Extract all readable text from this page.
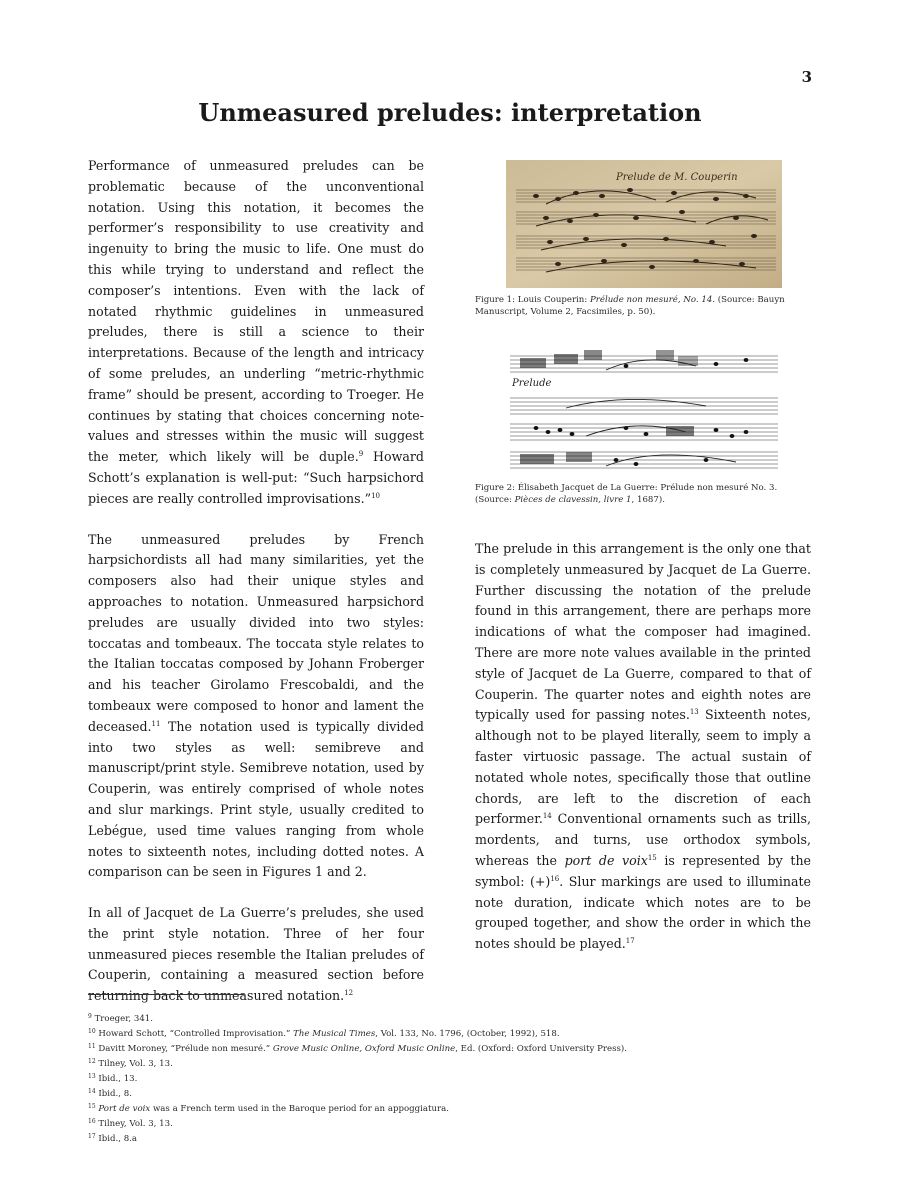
3
Unmeasured preludes: interpretation

Performance of unmeasured preludes can be problematic because of the unconventional notation. Using this notation, it becomes the performer’s responsibility to use creativity and ingenuity to bring the music to life. One must do this while trying to understand and reflect the composer’s intentions. Even with the lack of notated rhythmic guidelines in unmeasured preludes, there is still a science to their interpretations. Because of the length and intricacy of some preludes, an underling “metric-rhythmic frame” should be present, according to Troeger. He continues by stating that choices concerning note-values and stresses within the music will suggest the meter, which likely will be duple.$^9$ Howard Schott’s explanation is well-put: “Such harpsichord pieces are really controlled improvisations.”$^{10}$

The unmeasured preludes by French harpsichordists all had many similarities, yet the composers also had their unique styles and approaches to notation. Unmeasured harpsichord preludes are usually divided into two styles: toccatas and tombeaux. The toccata style relates to the Italian toccatas composed by Johann Froberger and his teacher Girolamo Frescobaldi, and the tombeaux were composed to honor and lament the deceased.$^{11}$ The notation used is typically divided into two styles as well: semibreve and manuscript/print style. Semibreve notation, used by Couperin, was entirely comprised of whole notes and slur markings. Print style, usually credited to Lebégue, used time values ranging from whole notes to sixteenth notes, including dotted notes. A comparison can be seen in Figures 1 and 2.

In all of Jacquet de La Guerre’s preludes, she used the print style notation. Three of her four unmeasured pieces resemble the Italian preludes of Couperin, containing a measured section before returning back to unmeasured notation.$^{12}$

Prelude de M. Couperin
Figure 1: Louis Couperin: Prélude non mesuré, No. 14. (Source: Bauyn Manuscript, Volume 2, Facsimiles, p. 50).
Prelude
Figure 2: Élisabeth Jacquet de La Guerre: Prélude non mesuré No. 3. (Source: Pièces de clavessin, livre 1, 1687).

The prelude in this arrangement is the only one that is completely unmeasured by Jacquet de La Guerre. Further discussing the notation of the prelude found in this arrangement, there are perhaps more indications of what the composer had imagined. There are more note values available in the printed style of Jacquet de La Guerre, compared to that of Couperin. The quarter notes and eighth notes are typically used for passing notes.$^{13}$ Sixteenth notes, although not to be played literally, seem to imply a faster virtuosic passage. The actual sustain of notated whole notes, specifically those that outline chords, are left to the discretion of each performer.$^{14}$ Conventional ornaments such as trills, mordents, and turns, use orthodox symbols, whereas the port de voix$^{15}$ is represented by the symbol: $(+)^{16}$. Slur markings are used to illuminate note duration, indicate which notes are to be grouped together, and show the order in which the notes should be played.$^{17}$

$^9$ Troeger, 341.
$^{10}$ Howard Schott, “Controlled Improvisation.” The Musical Times, Vol. 133, No. 1796, (October, 1992), 518.
$^{11}$ Davitt Moroney, “Prélude non mesuré.” Grove Music Online, Oxford Music Online, Ed. (Oxford: Oxford University Press).
$^{12}$ Tilney, Vol. 3, 13.
$^{13}$ Ibid., 13.
$^{14}$ Ibid., 8.
$^{15}$ Port de voix was a French term used in the Baroque period for an appoggiatura.
$^{16}$ Tilney, Vol. 3, 13.
$^{17}$ Ibid., 8.a
